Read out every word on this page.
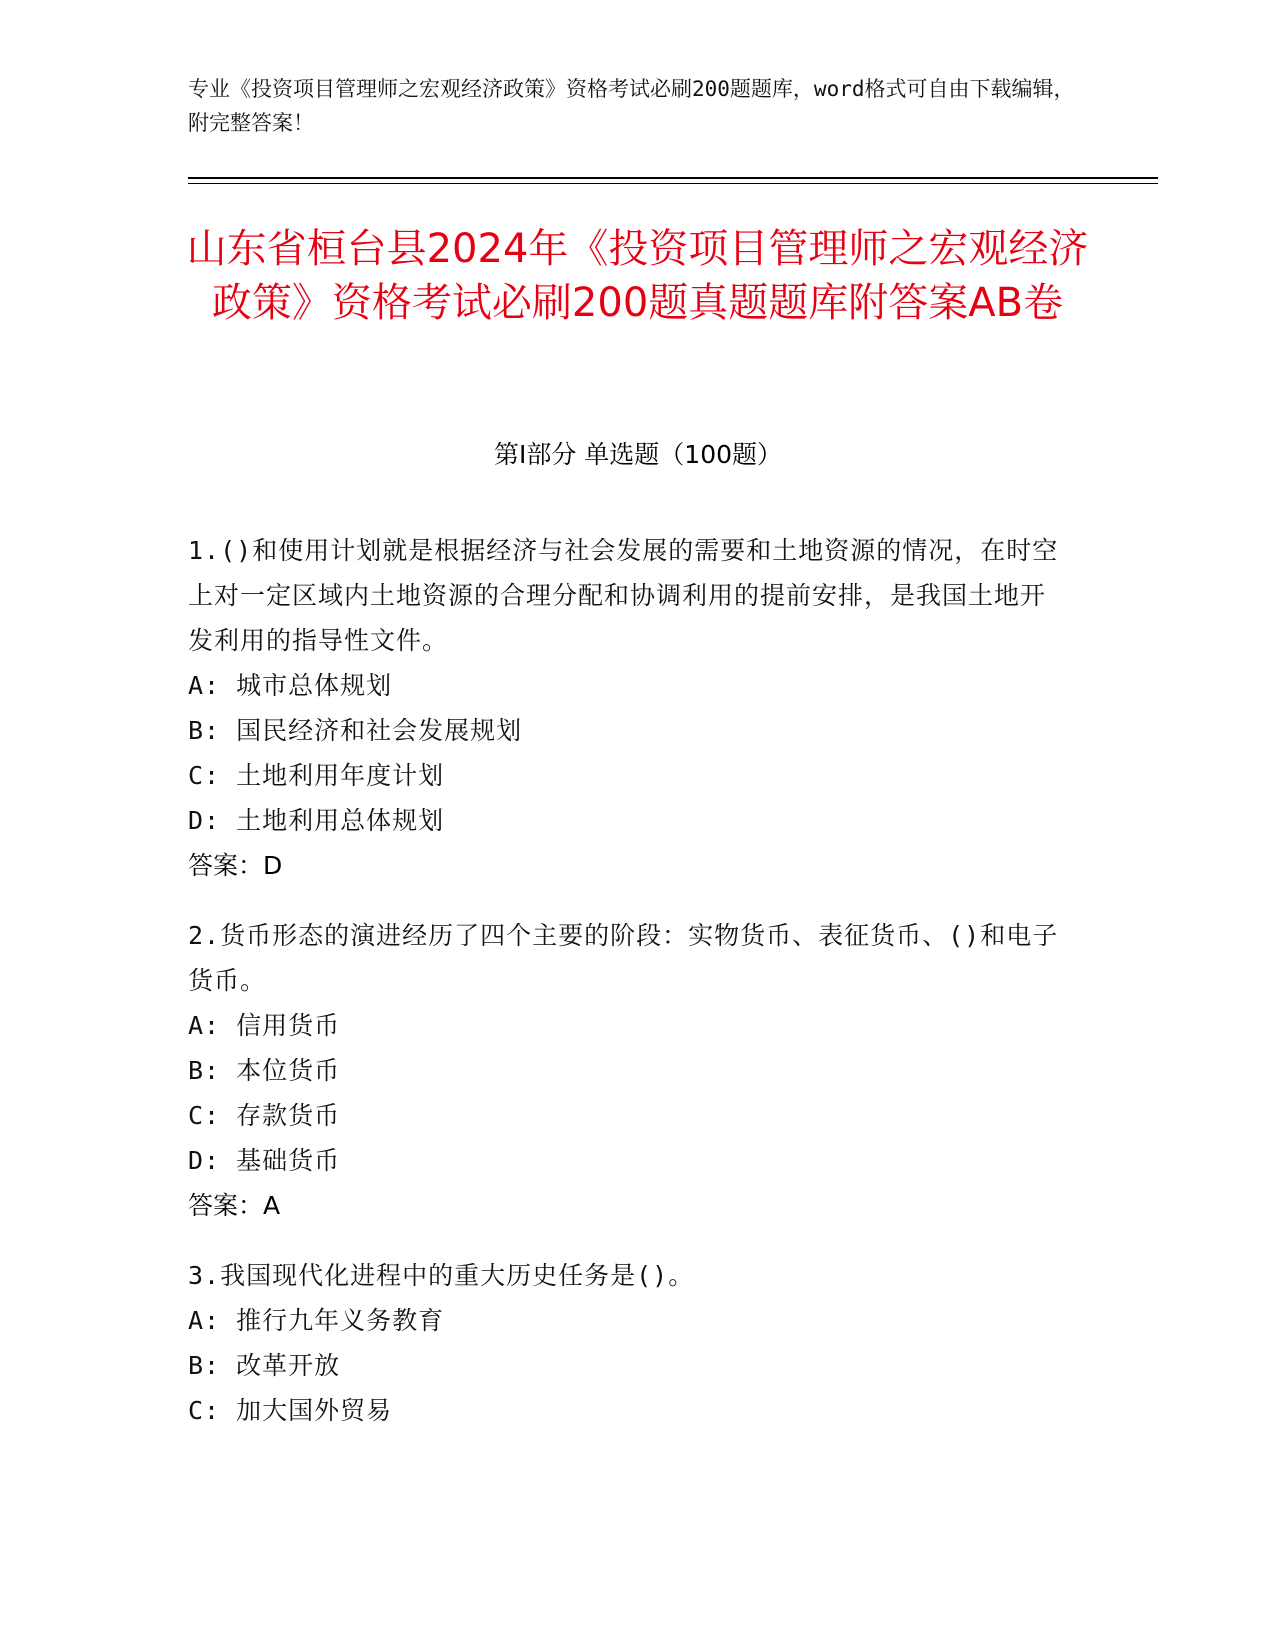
专业《投资项目管理师之宏观经济政策》资格考试必刷200题题库，word格式可自由下载编辑，附完整答案！
山东省桓台县2024年《投资项目管理师之宏观经济政策》资格考试必刷200题真题题库附答案AB卷
第Ⅰ部分 单选题（100题）

1.()和使用计划就是根据经济与社会发展的需要和土地资源的情况，在时空上对一定区域内土地资源的合理分配和协调利用的提前安排，是我国土地开发利用的指导性文件。

A: 城市总体规划

B: 国民经济和社会发展规划

C: 土地利用年度计划

D: 土地利用总体规划

答案：D

2.货币形态的演进经历了四个主要的阶段：实物货币、表征货币、()和电子货币。

A: 信用货币

B: 本位货币

C: 存款货币

D: 基础货币

答案：A

3.我国现代化进程中的重大历史任务是()。

A: 推行九年义务教育

B: 改革开放

C: 加大国外贸易
